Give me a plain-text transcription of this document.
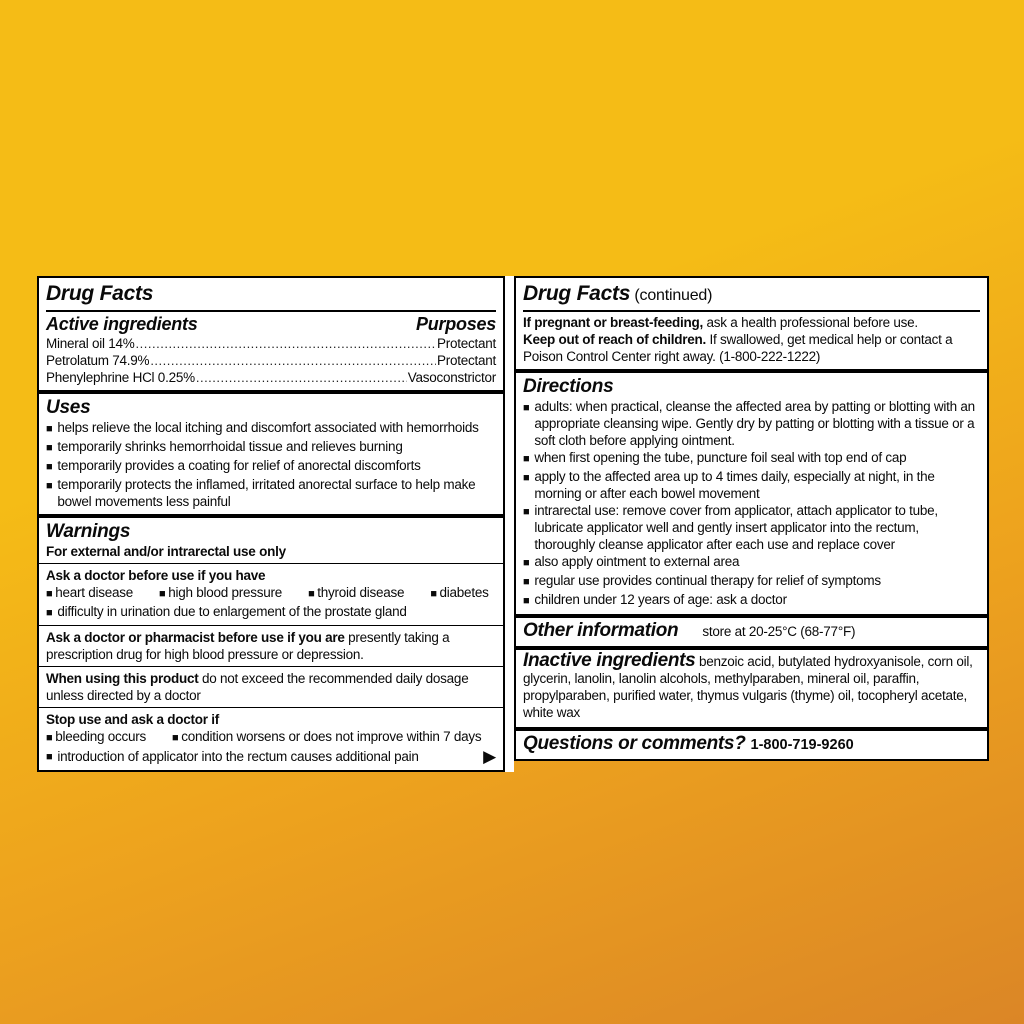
Drug Facts
Active ingredients	Purposes
Mineral oil 14% .....	Protectant
Petrolatum 74.9% .....	Protectant
Phenylephrine HCl 0.25% .....	Vasoconstrictor
Uses
■
helps relieve the local itching and discomfort associated with hemorrhoids
■
temporarily shrinks hemorrhoidal tissue and relieves burning
■
temporarily provides a coating for relief of anorectal discomforts
■
temporarily protects the inflamed, irritated anorectal surface to help make bowel movements less painful
Warnings
For external and/or intrarectal use only
Ask a doctor before use if you have
■ heart disease ■	high blood pressure ■	thyroid disease ■	diabetes
■
difficulty in urination due to enlargement of the prostate gland
Ask a doctor or pharmacist before use if you are presently taking a prescription drug for high blood pressure or depression.
When using this product do not exceed the recommended daily dosage unless directed by a doctor
Stop use and ask a doctor if
■ bleeding occurs ■	condition worsens or does not improve within 7 days
■
introduction of applicator into the rectum causes additional pain	▶
Drug Facts (continued)
If pregnant or breast-feeding, ask a health professional before use.
Keep out of reach of children. If swallowed, get medical help or contact a Poison Control Center right away. (1-800-222-1222)
Directions
■
adults: when practical, cleanse the affected area by patting or blotting with an appropriate cleansing wipe. Gently dry by patting or blotting with a tissue or a soft cloth before applying ointment.
■
when first opening the tube, puncture foil seal with top end of cap
■
apply to the affected area up to 4 times daily, especially at night, in the morning or after each bowel movement
■
intrarectal use: remove cover from applicator, attach applicator to tube, lubricate applicator well and gently insert applicator into the rectum, thoroughly cleanse applicator after each use and replace cover
■
also apply ointment to external area
■
regular use provides continual therapy for relief of symptoms
■
children under 12 years of age: ask a doctor
Other information store at 20-25°C (68-77°F)
Inactive ingredients benzoic acid, butylated hydroxyanisole, corn oil, glycerin, lanolin, lanolin alcohols, methylparaben, mineral oil, paraffin, propylparaben, purified water, thymus vulgaris (thyme) oil, tocopheryl acetate, white wax
Questions or comments? 1-800-719-9260
